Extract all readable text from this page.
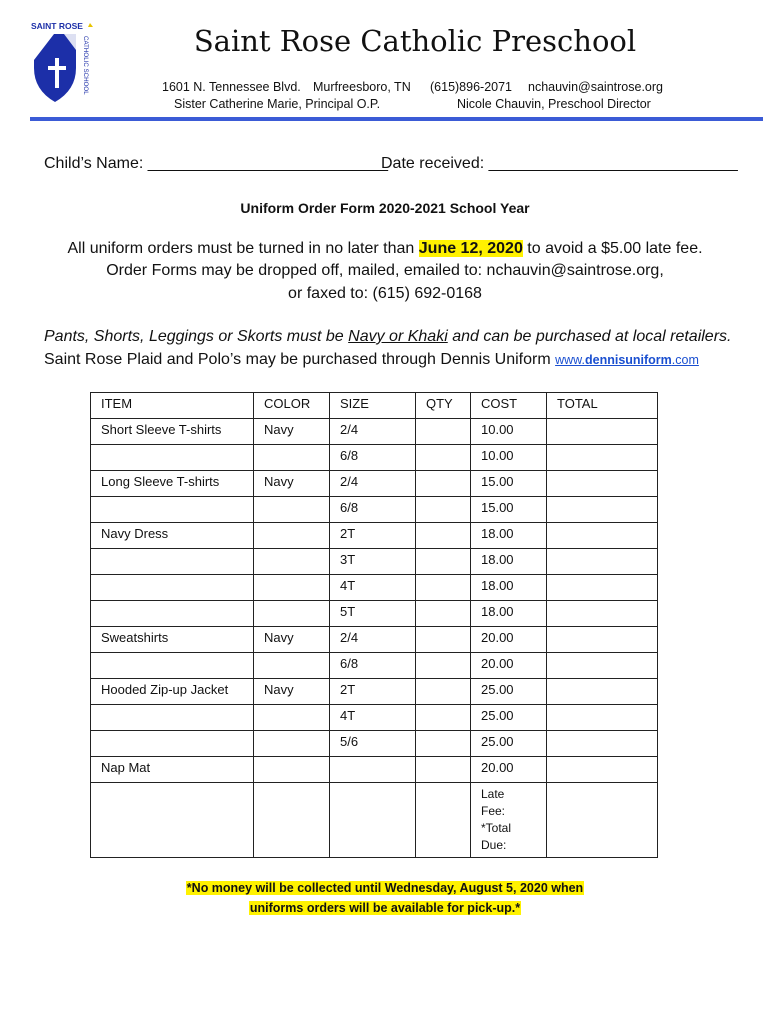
SAINT ROSE
CATHOLIC SCHOOL	Saint Rose Catholic Preschool
1601 N. Tennessee Blvd. Murfreesboro, TN (615)896-2071 nchauvin@saintrose.org
Sister Catherine Marie, Principal O.P.	Nicole Chauvin, Preschool Director
Child’s Name: ___________________________
Date received: ____________________________
Uniform Order Form 2020-2021 School Year
All uniform orders must be turned in no later than June 12, 2020 to avoid a $5.00 late fee.
Order Forms may be dropped off, mailed, emailed to: nchauvin@saintrose.org,
or faxed to: (615) 692-0168
Pants, Shorts, Leggings or Skorts must be Navy or Khaki and can be purchased at local retailers.
Saint Rose Plaid and Polo’s may be purchased through Dennis Uniform www.dennisuniform.com
ITEM	COLOR	SIZE	QTY	COST	TOTAL
Short Sleeve T-shirts	Navy	2/4		10.00	
		6/8		10.00	
Long Sleeve T-shirts	Navy	2/4		15.00	
		6/8		15.00	
Navy Dress		2T		18.00	
		3T		18.00	
		4T		18.00	
		5T		18.00	
Sweatshirts	Navy	2/4		20.00	
		6/8		20.00	
Hooded Zip-up Jacket	Navy	2T		25.00	
		4T		25.00	
		5/6		25.00	
Nap Mat				20.00	

				Late
Fee:
*Total
Due:	

*No money will be collected until Wednesday, August 5, 2020 when
uniforms orders will be available for pick-up.*
